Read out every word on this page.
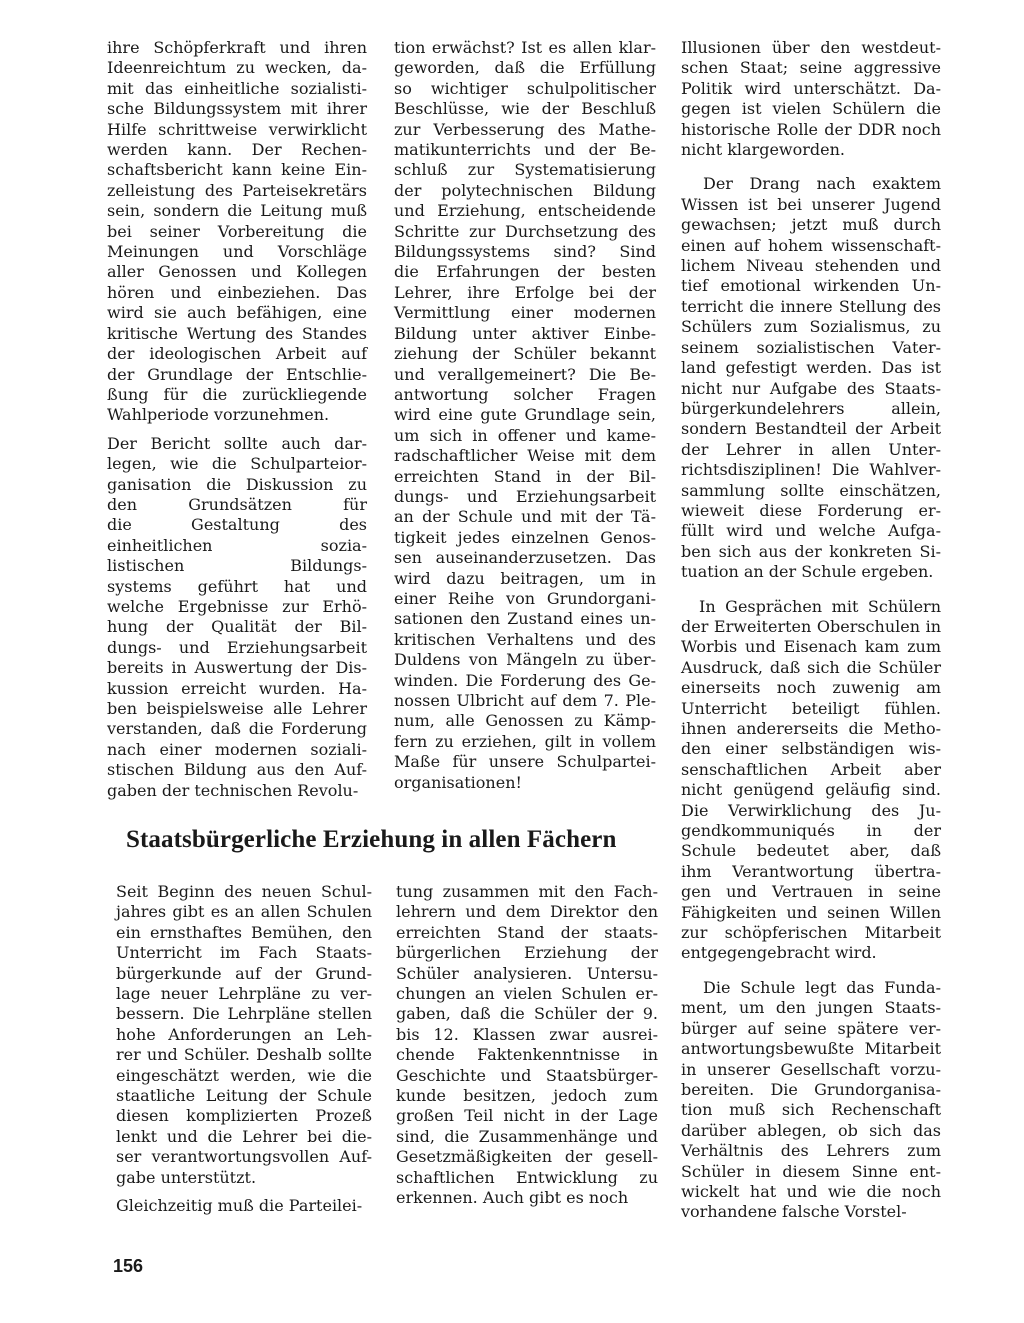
ihre Schöpferkraft und ihren
Ideenreichtum zu wecken, da-
mit das einheitliche sozialisti-
sche Bildungssystem mit ihrer
Hilfe schrittweise verwirklicht
werden kann. Der Rechen-
schaftsbericht kann keine Ein-
zelleistung des Parteisekretärs
sein, sondern die Leitung muß
bei seiner Vorbereitung die
Meinungen und Vorschläge
aller Genossen und Kollegen
hören und einbeziehen. Das
wird sie auch befähigen, eine
kritische Wertung des Standes
der ideologischen Arbeit auf
der Grundlage der Entschlie-
ßung für die zurückliegende
Wahlperiode vorzunehmen.
Der Bericht sollte auch dar-
legen, wie die Schulparteior-
ganisation die Diskussion zu
den Grundsätzen für
die Gestaltung des
einheitlichen sozia-
listischen Bildungs-
systems geführt hat und
welche Ergebnisse zur Erhö-
hung der Qualität der Bil-
dungs- und Erziehungsarbeit
bereits in Auswertung der Dis-
kussion erreicht wurden. Ha-
ben beispielsweise alle Lehrer
verstanden, daß die Forderung
nach einer modernen soziali-
stischen Bildung aus den Auf-
gaben der technischen Revolu-
tion erwächst? Ist es allen klar-
geworden, daß die Erfüllung
so wichtiger schulpolitischer
Beschlüsse, wie der Beschluß
zur Verbesserung des Mathe-
matikunterrichts und der Be-
schluß zur Systematisierung
der polytechnischen Bildung
und Erziehung, entscheidende
Schritte zur Durchsetzung des
Bildungssystems sind? Sind
die Erfahrungen der besten
Lehrer, ihre Erfolge bei der
Vermittlung einer modernen
Bildung unter aktiver Einbe-
ziehung der Schüler bekannt
und verallgemeinert? Die Be-
antwortung solcher Fragen
wird eine gute Grundlage sein,
um sich in offener und kame-
radschaftlicher Weise mit dem
erreichten Stand in der Bil-
dungs- und Erziehungsarbeit
an der Schule und mit der Tä-
tigkeit jedes einzelnen Genos-
sen auseinanderzusetzen. Das
wird dazu beitragen, um in
einer Reihe von Grundorgani-
sationen den Zustand eines un-
kritischen Verhaltens und des
Duldens von Mängeln zu über-
winden. Die Forderung des Ge-
nossen Ulbricht auf dem 7. Ple-
num, alle Genossen zu Kämp-
fern zu erziehen, gilt in vollem
Maße für unsere Schulpartei-
organisationen!
Illusionen über den westdeut-
schen Staat; seine aggressive
Politik wird unterschätzt. Da-
gegen ist vielen Schülern die
historische Rolle der DDR noch
nicht klargeworden.
Der Drang nach exaktem
Wissen ist bei unserer Jugend
gewachsen; jetzt muß durch
einen auf hohem wissenschaft-
lichem Niveau stehenden und
tief emotional wirkenden Un-
terricht die innere Stellung des
Schülers zum Sozialismus, zu
seinem sozialistischen Vater-
land gefestigt werden. Das ist
nicht nur Aufgabe des Staats-
bürgerkundelehrers allein,
sondern Bestandteil der Arbeit
der Lehrer in allen Unter-
richtsdisziplinen! Die Wahlver-
sammlung sollte einschätzen,
wieweit diese Forderung er-
füllt wird und welche Aufga-
ben sich aus der konkreten Si-
tuation an der Schule ergeben.
In Gesprächen mit Schülern
der Erweiterten Oberschulen in
Worbis und Eisenach kam zum
Ausdruck, daß sich die Schüler
einerseits noch zuwenig am
Unterricht beteiligt fühlen.
ihnen andererseits die Metho-
den einer selbständigen wis-
senschaftlichen Arbeit aber
nicht genügend geläufig sind.
Die Verwirklichung des Ju-
gendkommuniqués in der
Schule bedeutet aber, daß
ihm Verantwortung übertra-
gen und Vertrauen in seine
Fähigkeiten und seinen Willen
zur schöpferischen Mitarbeit
entgegengebracht wird.
Die Schule legt das Funda-
ment, um den jungen Staats-
bürger auf seine spätere ver-
antwortungsbewußte Mitarbeit
in unserer Gesellschaft vorzu-
bereiten. Die Grundorganisa-
tion muß sich Rechenschaft
darüber ablegen, ob sich das
Verhältnis des Lehrers zum
Schüler in diesem Sinne ent-
wickelt hat und wie die noch
vorhandene falsche Vorstel-
Staatsbürgerliche Erziehung in allen Fächern
Seit Beginn des neuen Schul-
jahres gibt es an allen Schulen
ein ernsthaftes Bemühen, den
Unterricht im Fach Staats-
bürgerkunde auf der Grund-
lage neuer Lehrpläne zu ver-
bessern. Die Lehrpläne stellen
hohe Anforderungen an Leh-
rer und Schüler. Deshalb sollte
eingeschätzt werden, wie die
staatliche Leitung der Schule
diesen komplizierten Prozeß
lenkt und die Lehrer bei die-
ser verantwortungsvollen Auf-
gabe unterstützt.
Gleichzeitig muß die Parteilei-
tung zusammen mit den Fach-
lehrern und dem Direktor den
erreichten Stand der staats-
bürgerlichen Erziehung der
Schüler analysieren. Untersu-
chungen an vielen Schulen er-
gaben, daß die Schüler der 9.
bis 12. Klassen zwar ausrei-
chende Faktenkenntnisse in
Geschichte und Staatsbürger-
kunde besitzen, jedoch zum
großen Teil nicht in der Lage
sind, die Zusammenhänge und
Gesetzmäßigkeiten der gesell-
schaftlichen Entwicklung zu
erkennen. Auch gibt es noch
156
